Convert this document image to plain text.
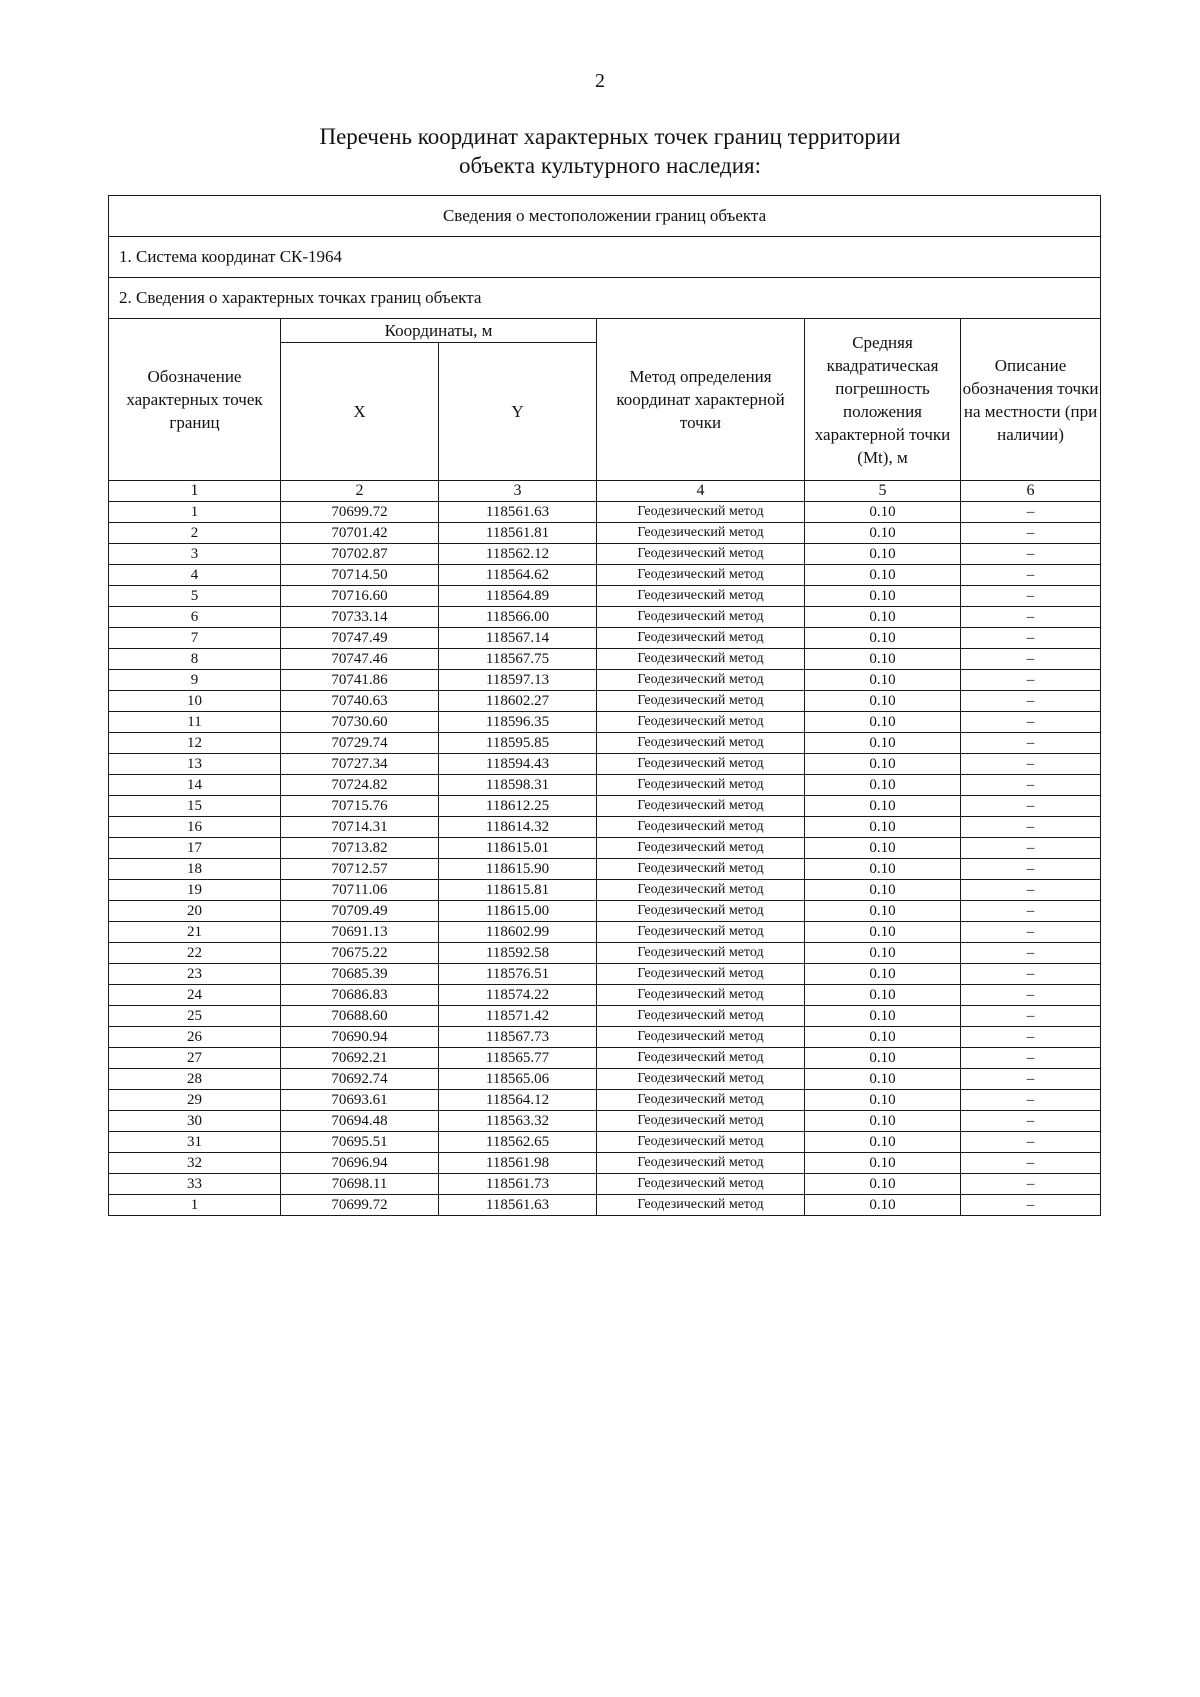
2
Перечень координат характерных точек границ территории
объекта культурного наследия:
Сведения о местоположении границ объекта					
1. Система координат СК-1964					
2. Сведения о характерных точках границ объекта					
Обозначение характерных точек границ	Координаты, м		Метод определения координат характерной точки	Средняя квадратическая погрешность положения характерной точки (Mt), м	Описание обозначения точки на местности (при наличии)
	X	Y			
1	2	3	4	5	6
1	70699.72	118561.63	Геодезический метод	0.10	–
2	70701.42	118561.81	Геодезический метод	0.10	–
3	70702.87	118562.12	Геодезический метод	0.10	–
4	70714.50	118564.62	Геодезический метод	0.10	–
5	70716.60	118564.89	Геодезический метод	0.10	–
6	70733.14	118566.00	Геодезический метод	0.10	–
7	70747.49	118567.14	Геодезический метод	0.10	–
8	70747.46	118567.75	Геодезический метод	0.10	–
9	70741.86	118597.13	Геодезический метод	0.10	–
10	70740.63	118602.27	Геодезический метод	0.10	–
11	70730.60	118596.35	Геодезический метод	0.10	–
12	70729.74	118595.85	Геодезический метод	0.10	–
13	70727.34	118594.43	Геодезический метод	0.10	–
14	70724.82	118598.31	Геодезический метод	0.10	–
15	70715.76	118612.25	Геодезический метод	0.10	–
16	70714.31	118614.32	Геодезический метод	0.10	–
17	70713.82	118615.01	Геодезический метод	0.10	–
18	70712.57	118615.90	Геодезический метод	0.10	–
19	70711.06	118615.81	Геодезический метод	0.10	–
20	70709.49	118615.00	Геодезический метод	0.10	–
21	70691.13	118602.99	Геодезический метод	0.10	–
22	70675.22	118592.58	Геодезический метод	0.10	–
23	70685.39	118576.51	Геодезический метод	0.10	–
24	70686.83	118574.22	Геодезический метод	0.10	–
25	70688.60	118571.42	Геодезический метод	0.10	–
26	70690.94	118567.73	Геодезический метод	0.10	–
27	70692.21	118565.77	Геодезический метод	0.10	–
28	70692.74	118565.06	Геодезический метод	0.10	–
29	70693.61	118564.12	Геодезический метод	0.10	–
30	70694.48	118563.32	Геодезический метод	0.10	–
31	70695.51	118562.65	Геодезический метод	0.10	–
32	70696.94	118561.98	Геодезический метод	0.10	–
33	70698.11	118561.73	Геодезический метод	0.10	–
1	70699.72	118561.63	Геодезический метод	0.10	–
